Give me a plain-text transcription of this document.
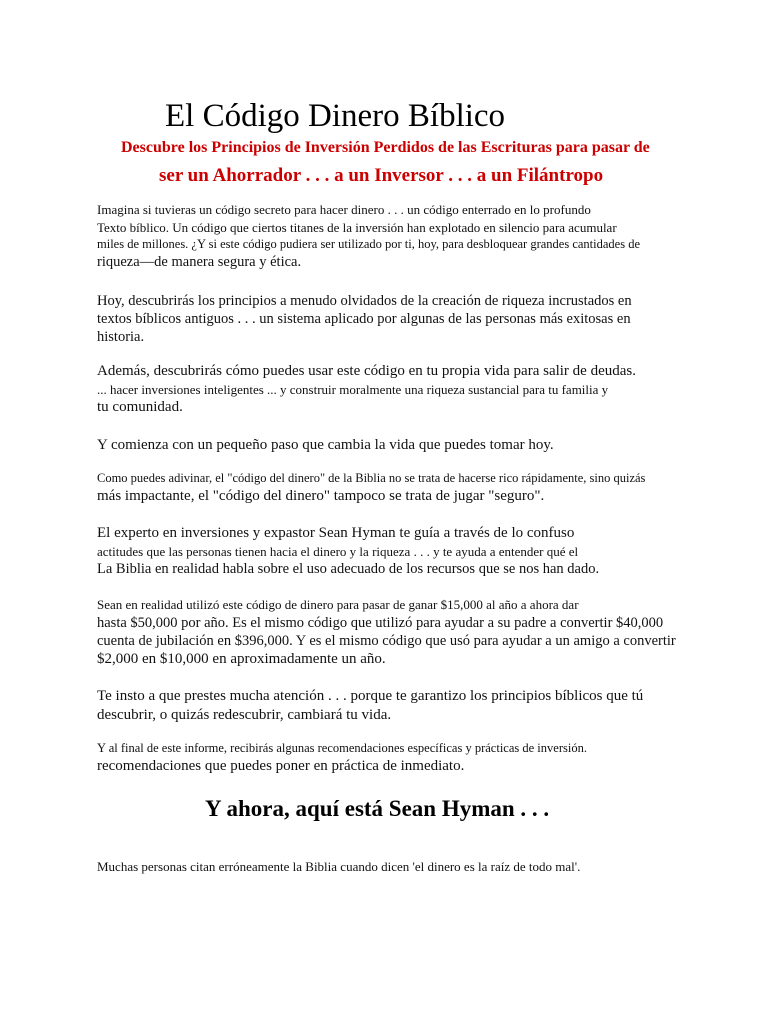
El Código Dinero Bíblico
Descubre los Principios de Inversión Perdidos de las Escrituras para pasar de
ser un Ahorrador . . . a un Inversor . . . a un Filántropo

Imagina si tuvieras un código secreto para hacer dinero . . . un código enterrado en lo profundo
Texto bíblico. Un código que ciertos titanes de la inversión han explotado en silencio para acumular
miles de millones. ¿Y si este código pudiera ser utilizado por ti, hoy, para desbloquear grandes cantidades de
riqueza—de manera segura y ética.

Hoy, descubrirás los principios a menudo olvidados de la creación de riqueza incrustados en
textos bíblicos antiguos . . . un sistema aplicado por algunas de las personas más exitosas en
historia.

Además, descubrirás cómo puedes usar este código en tu propia vida para salir de deudas.
... hacer inversiones inteligentes ... y construir moralmente una riqueza sustancial para tu familia y
tu comunidad.

Y comienza con un pequeño paso que cambia la vida que puedes tomar hoy.

Como puedes adivinar, el "código del dinero" de la Biblia no se trata de hacerse rico rápidamente, sino quizás
más impactante, el "código del dinero" tampoco se trata de jugar "seguro".

El experto en inversiones y expastor Sean Hyman te guía a través de lo confuso
actitudes que las personas tienen hacia el dinero y la riqueza . . . y te ayuda a entender qué el
La Biblia en realidad habla sobre el uso adecuado de los recursos que se nos han dado.

Sean en realidad utilizó este código de dinero para pasar de ganar $15,000 al año a ahora dar
hasta $50,000 por año. Es el mismo código que utilizó para ayudar a su padre a convertir $40,000
cuenta de jubilación en $396,000. Y es el mismo código que usó para ayudar a un amigo a convertir
$2,000 en $10,000 en aproximadamente un año.

Te insto a que prestes mucha atención . . . porque te garantizo los principios bíblicos que tú
descubrir, o quizás redescubrir, cambiará tu vida.

Y al final de este informe, recibirás algunas recomendaciones específicas y prácticas de inversión.
recomendaciones que puedes poner en práctica de inmediato.

Y ahora, aquí está Sean Hyman . . .

Muchas personas citan erróneamente la Biblia cuando dicen 'el dinero es la raíz de todo mal'.
